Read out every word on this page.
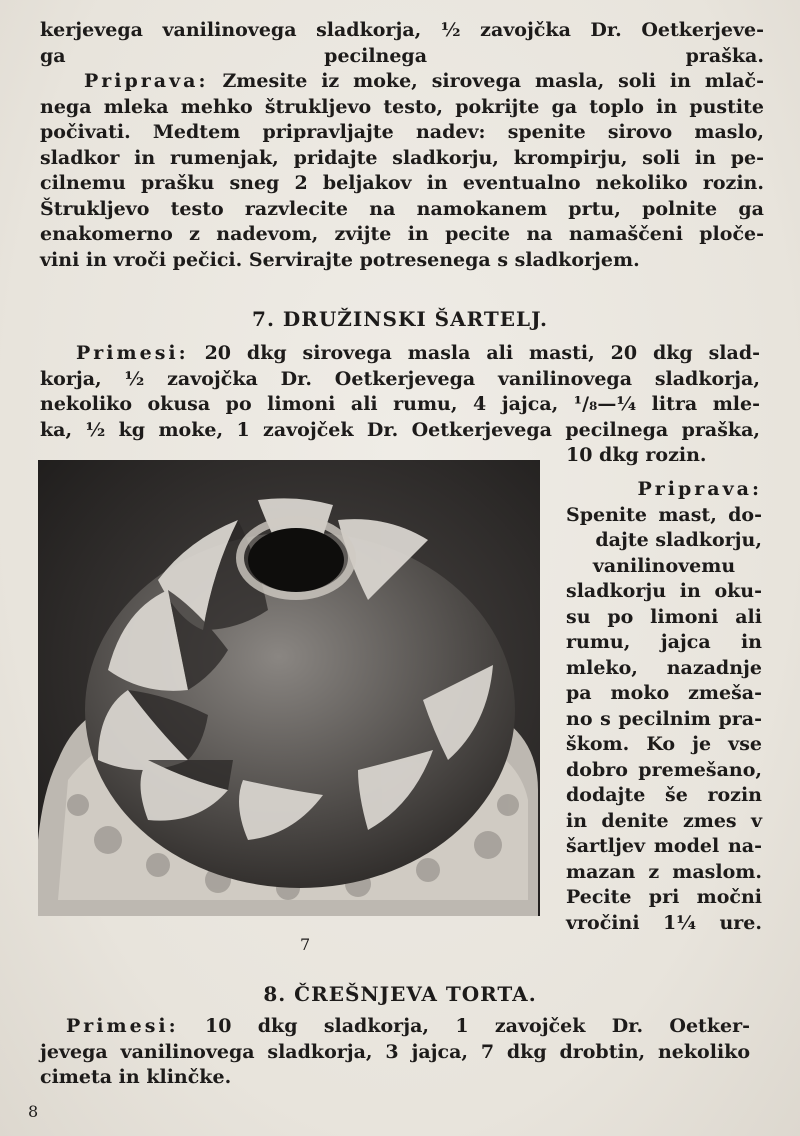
kerjevega vanilinovega sladkorja, ½ zavojčka Dr. Oetkerjeve-
ga pecilnega praška.
Priprava: Zmesite iz moke, sirovega masla, soli in mlač-
nega mleka mehko štrukljevo testo, pokrijte ga toplo in pustite
počivati. Medtem pripravljajte nadev: spenite sirovo maslo,
sladkor in rumenjak, pridajte sladkorju, krompirju, soli in pe-
cilnemu prašku sneg 2 beljakov in eventualno nekoliko rozin.
Štrukljevo testo razvlecite na namokanem prtu, polnite ga
enakomerno z nadevom, zvijte in pecite na namaščeni ploče-
vini in vroči pečici. Servirajte potresenega s sladkorjem.
7. DRUŽINSKI ŠARTELJ.
Primesi: 20 dkg sirovega masla ali masti, 20 dkg slad-
korja, ½ zavojčka Dr. Oetkerjevega vanilinovega sladkorja,
nekoliko okusa po limoni ali rumu, 4 jajca, ¹/₈—¼ litra mle-
ka, ½ kg moke, 1 zavojček Dr. Oetkerjevega pecilnega praška,
10 dkg rozin.
Priprava:
Spenite mast, do-
dajte sladkorju,
vanilinovemu
sladkorju in oku-
su po limoni ali
rumu, jajca in
mleko, nazadnje
pa moko zmeša-
no s pecilnim pra-
škom. Ko je vse
dobro premešano,
dodajte še rozin
in denite zmes v
šartljev model na-
mazan z maslom.
Pecite pri močni
vročini 1¼ ure.
7
8. ČREŠNJEVA TORTA.
Primesi: 10 dkg sladkorja, 1 zavojček Dr. Oetker-
jevega vanilinovega sladkorja, 3 jajca, 7 dkg drobtin, nekoliko
cimeta in klinčke.
8
